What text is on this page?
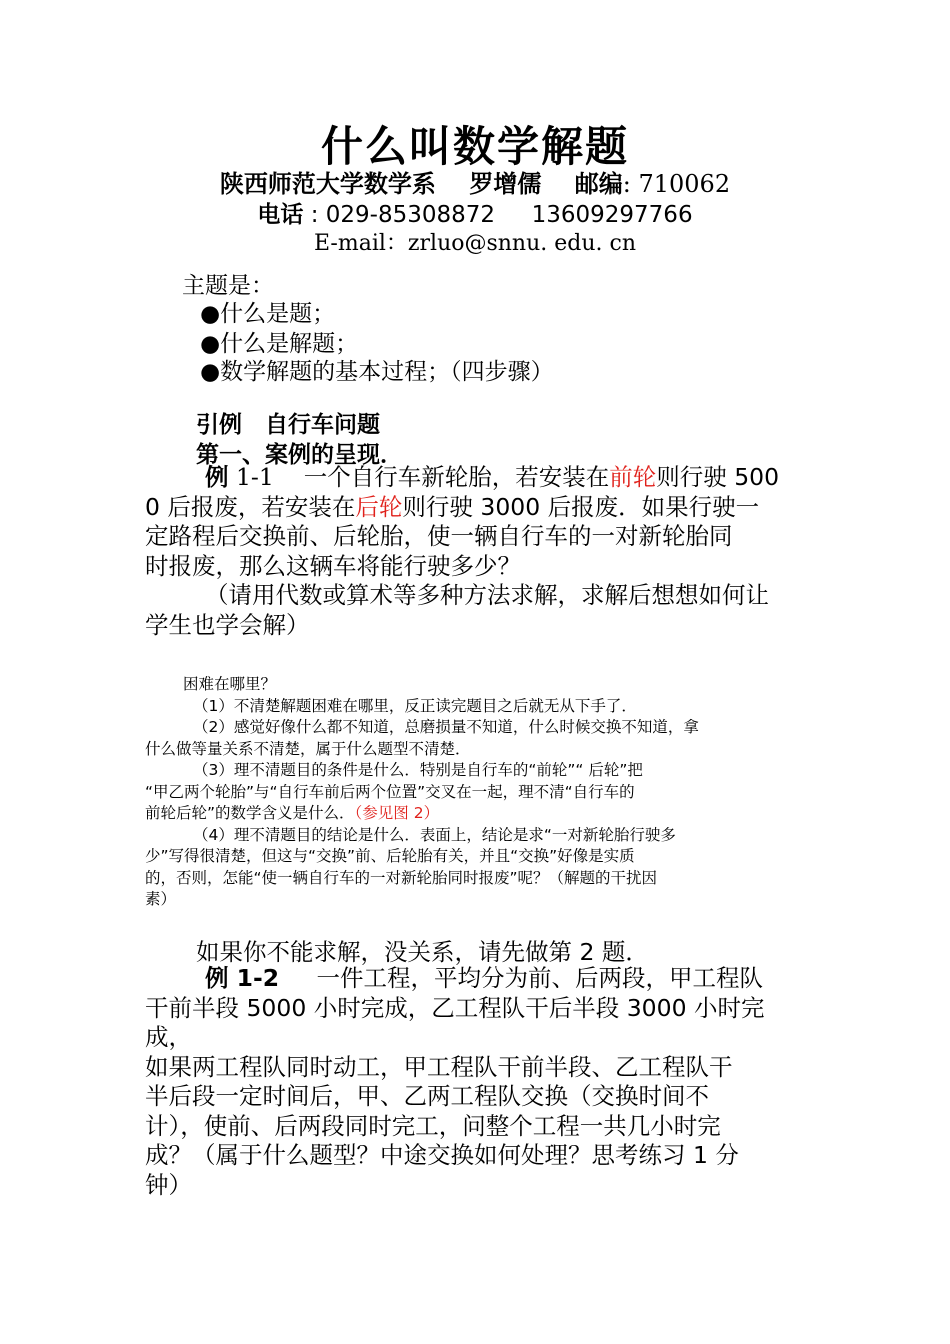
什么叫数学解题
陕西师范大学数学系 罗增儒 邮编: 710062
电话 : 029-85308872 13609297766
E-mail：zrluo@snnu. edu. cn
主题是：
●什么是题；
●什么是解题；
●数学解题的基本过程；（四步骤）
引例　自行车问题
第一、案例的呈现．
例 1-1 一个自行车新轮胎，若安装在前轮则行驶 500
0 后报废，若安装在后轮则行驶 3000 后报废．如果行驶一
定路程后交换前、后轮胎，使一辆自行车的一对新轮胎同
时报废，那么这辆车将能行驶多少？
（请用代数或算术等多种方法求解，求解后想想如何让
学生也学会解）
困难在哪里？
（1）不清楚解题困难在哪里，反正读完题目之后就无从下手了．
（2）感觉好像什么都不知道，总磨损量不知道，什么时候交换不知道，拿
什么做等量关系不清楚，属于什么题型不清楚．
（3）理不清题目的条件是什么．特别是自行车的“前轮”“ 后轮”把
“甲乙两个轮胎”与“自行车前后两个位置”交叉在一起，理不清“自行车的
前轮后轮”的数学含义是什么．（参见图 2）
（4）理不清题目的结论是什么．表面上，结论是求“一对新轮胎行驶多
少”写得很清楚，但这与“交换”前、后轮胎有关，并且“交换”好像是实质
的，否则，怎能“使一辆自行车的一对新轮胎同时报废”呢？（解题的干扰因
素）
如果你不能求解，没关系，请先做第 2 题．
例 1-2 一件工程，平均分为前、后两段，甲工程队
干前半段 5000 小时完成，乙工程队干后半段 3000 小时完成，
如果两工程队同时动工，甲工程队干前半段、乙工程队干
半后段一定时间后，甲、乙两工程队交换（交换时间不
计），使前、后两段同时完工，问整个工程一共几小时完
成？（属于什么题型？中途交换如何处理？思考练习 1 分
钟）
